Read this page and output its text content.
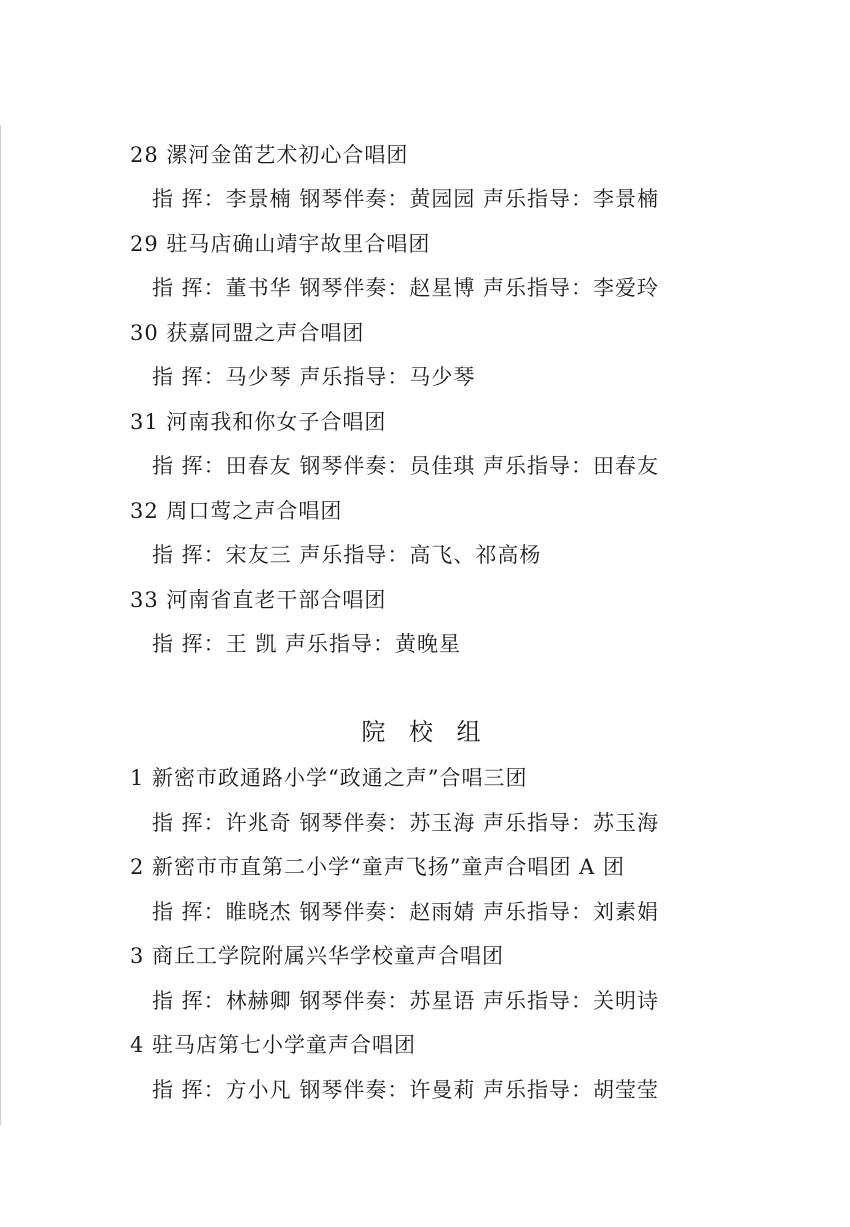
28 漯河金笛艺术初心合唱团
指 挥：李景楠 钢琴伴奏：黄园园 声乐指导：李景楠
29 驻马店确山靖宇故里合唱团
指 挥：董书华 钢琴伴奏：赵星博 声乐指导：李爱玲
30 获嘉同盟之声合唱团
指 挥：马少琴 声乐指导：马少琴
31 河南我和你女子合唱团
指 挥：田春友 钢琴伴奏：员佳琪 声乐指导：田春友
32 周口莺之声合唱团
指 挥：宋友三 声乐指导：高飞、祁高杨
33 河南省直老干部合唱团
指 挥：王 凯 声乐指导：黄晚星
院 校 组
1 新密市政通路小学“政通之声”合唱三团
指 挥：许兆奇 钢琴伴奏：苏玉海 声乐指导：苏玉海
2 新密市市直第二小学“童声飞扬”童声合唱团 A 团
指 挥：睢晓杰 钢琴伴奏：赵雨婧 声乐指导：刘素娟
3 商丘工学院附属兴华学校童声合唱团
指 挥：林赫卿 钢琴伴奏：苏星语 声乐指导：关明诗
4 驻马店第七小学童声合唱团
指 挥：方小凡 钢琴伴奏：许曼莉 声乐指导：胡莹莹
